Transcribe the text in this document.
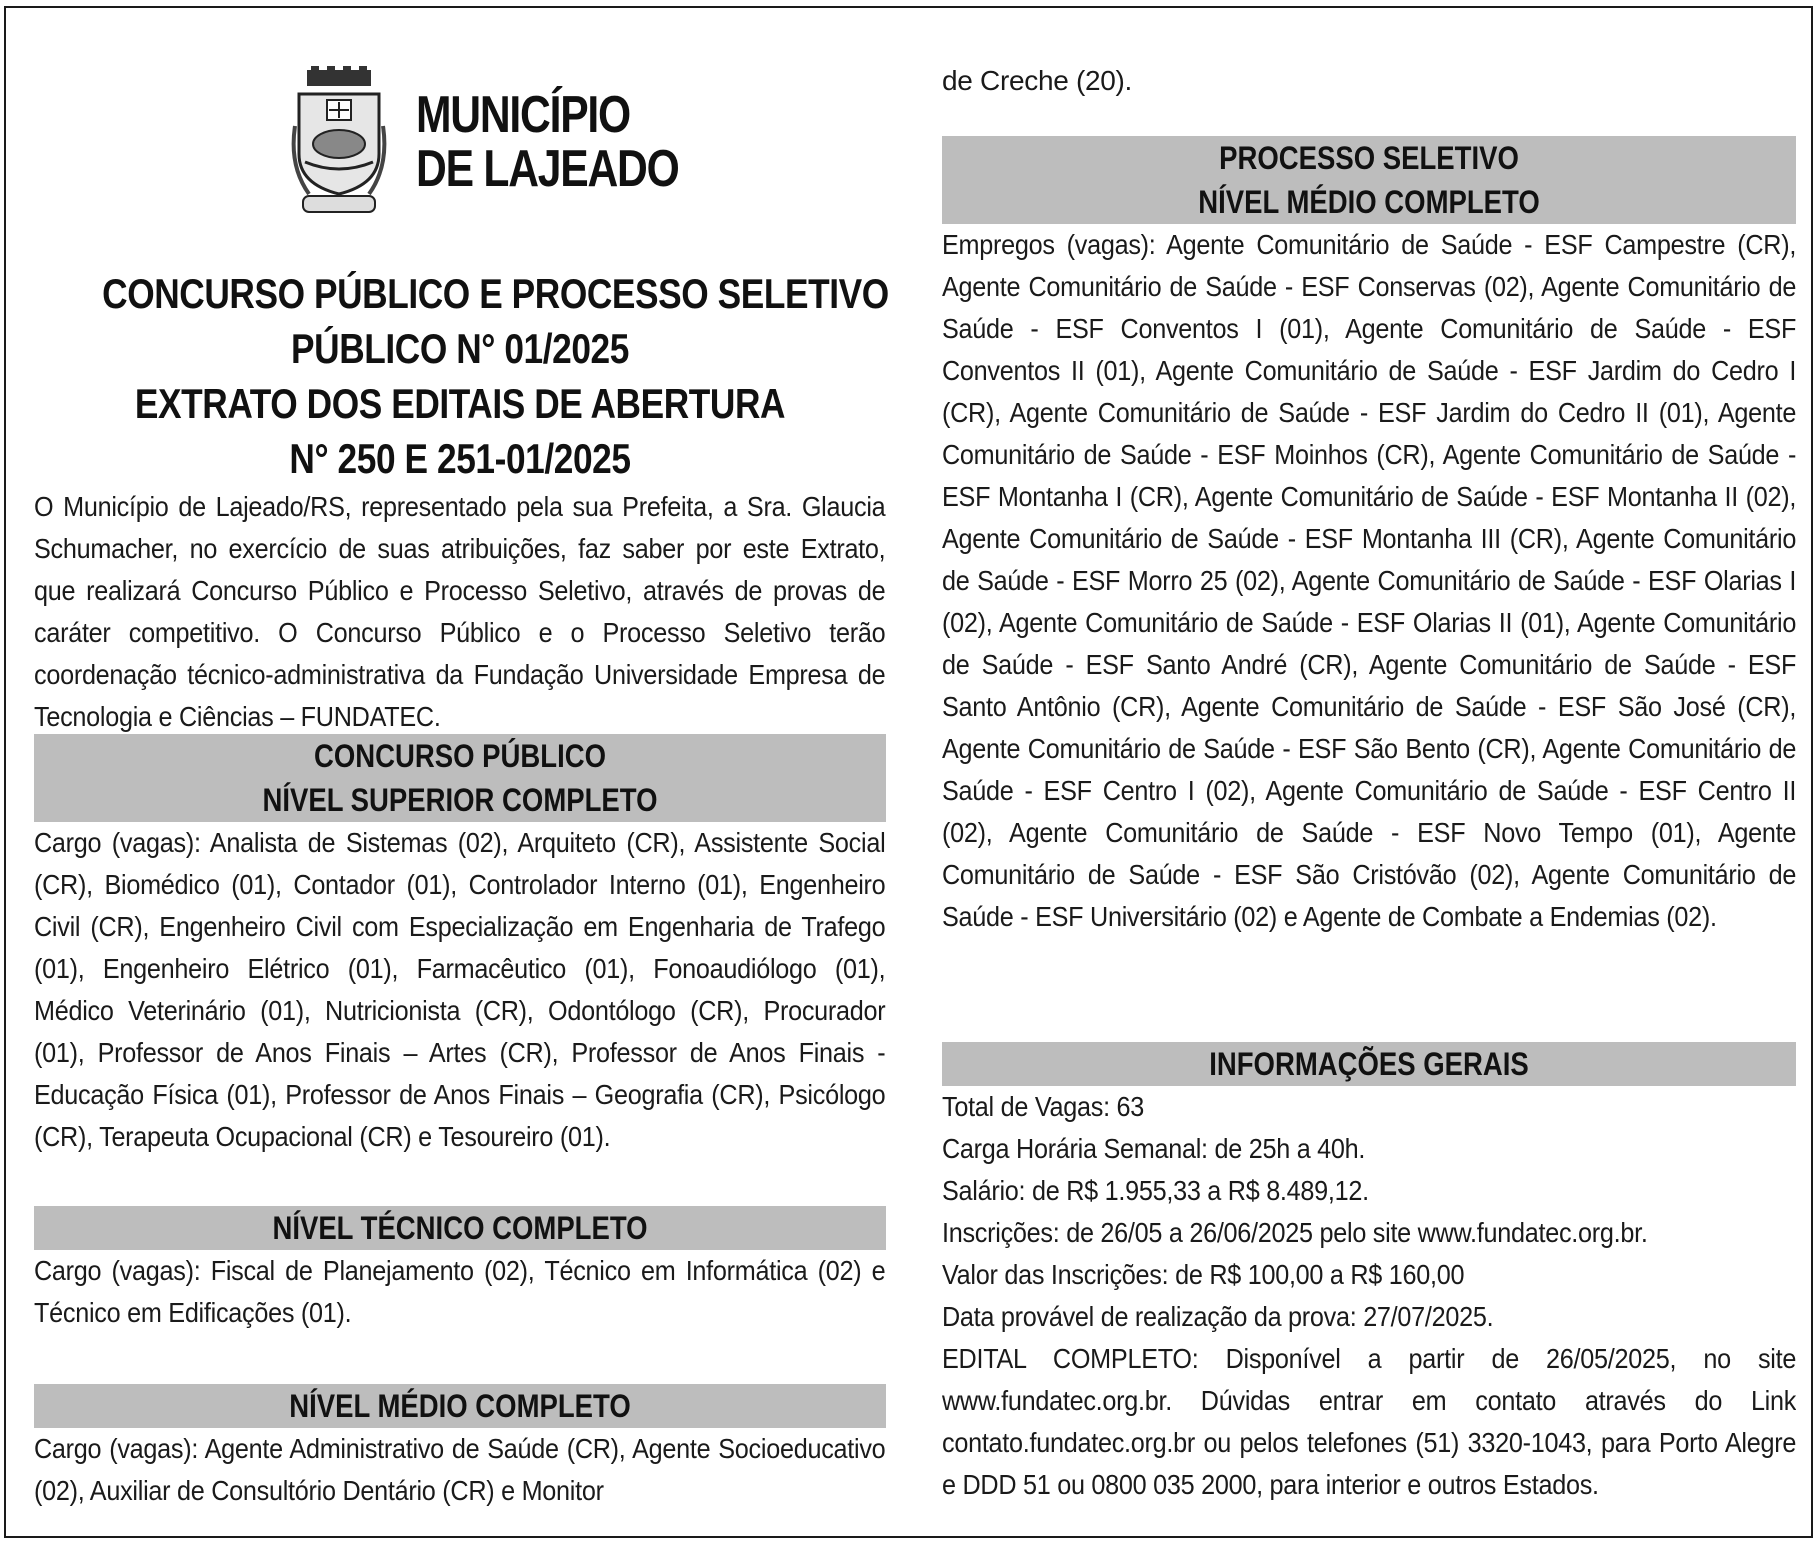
MUNICÍPIO
DE LAJEADO
CONCURSO PÚBLICO E PROCESSO SELETIVO
PÚBLICO N° 01/2025
EXTRATO DOS EDITAIS DE ABERTURA
N° 250 E 251-01/2025

O Município de Lajeado/RS, representado pela sua Prefeita, a Sra. Glaucia Schumacher, no exercício de suas atribuições, faz saber por este Extrato, que realizará Concurso Público e Processo Seletivo, através de provas de caráter competitivo. O Concurso Público e o Processo Seletivo terão coordenação técnico-administrativa da Fundação Universidade Empresa de Tecnologia e Ciências – FUNDATEC.

CONCURSO PÚBLICO
NÍVEL SUPERIOR COMPLETO

Cargo (vagas): Analista de Sistemas (02), Arquiteto (CR), Assistente Social (CR), Biomédico (01), Contador (01), Controlador Interno (01), Engenheiro Civil (CR), Engenheiro Civil com Especialização em Engenharia de Trafego (01), Engenheiro Elétrico (01), Farmacêutico (01), Fonoaudiólogo (01), Médico Veterinário (01), Nutricionista (CR), Odontólogo (CR), Procurador (01), Professor de Anos Finais – Artes (CR), Professor de Anos Finais - Educação Física (01), Professor de Anos Finais – Geografia (CR), Psicólogo (CR), Terapeuta Ocupacional (CR) e Tesoureiro (01).

NÍVEL TÉCNICO COMPLETO

Cargo (vagas): Fiscal de Planejamento (02), Técnico em Informática (02) e Técnico em Edificações (01).

NÍVEL MÉDIO COMPLETO

Cargo (vagas): Agente Administrativo de Saúde (CR), Agente Socioeducativo (02), Auxiliar de Consultório Dentário (CR) e Monitor

de Creche (20).

PROCESSO SELETIVO
NÍVEL MÉDIO COMPLETO

Empregos (vagas): Agente Comunitário de Saúde - ESF Campestre (CR), Agente Comunitário de Saúde - ESF Conservas (02), Agente Comunitário de Saúde - ESF Conventos I (01), Agente Comunitário de Saúde - ESF Conventos II (01), Agente Comunitário de Saúde - ESF Jardim do Cedro I (CR), Agente Comunitário de Saúde - ESF Jardim do Cedro II (01), Agente Comunitário de Saúde - ESF Moinhos (CR), Agente Comunitário de Saúde - ESF Montanha I (CR), Agente Comunitário de Saúde - ESF Montanha II (02), Agente Comunitário de Saúde - ESF Montanha III (CR), Agente Comunitário de Saúde - ESF Morro 25 (02), Agente Comunitário de Saúde - ESF Olarias I (02), Agente Comunitário de Saúde - ESF Olarias II (01), Agente Comunitário de Saúde - ESF Santo André (CR), Agente Comunitário de Saúde - ESF Santo Antônio (CR), Agente Comunitário de Saúde - ESF São José (CR), Agente Comunitário de Saúde - ESF São Bento (CR), Agente Comunitário de Saúde - ESF Centro I (02), Agente Comunitário de Saúde - ESF Centro II (02), Agente Comunitário de Saúde - ESF Novo Tempo (01), Agente Comunitário de Saúde - ESF São Cristóvão (02), Agente Comunitário de Saúde - ESF Universitário (02) e Agente de Combate a Endemias (02).

INFORMAÇÕES GERAIS

Total de Vagas: 63

Carga Horária Semanal: de 25h a 40h.

Salário: de R$ 1.955,33 a R$ 8.489,12.

Inscrições: de 26/05 a 26/06/2025 pelo site www.fundatec.org.br.

Valor das Inscrições: de R$ 100,00 a R$ 160,00

Data provável de realização da prova: 27/07/2025.

EDITAL COMPLETO: Disponível a partir de 26/05/2025, no site www.fundatec.org.br. Dúvidas entrar em contato através do Link contato.fundatec.org.br ou pelos telefones (51) 3320-1043, para Porto Alegre e DDD 51 ou 0800 035 2000, para interior e outros Estados.
